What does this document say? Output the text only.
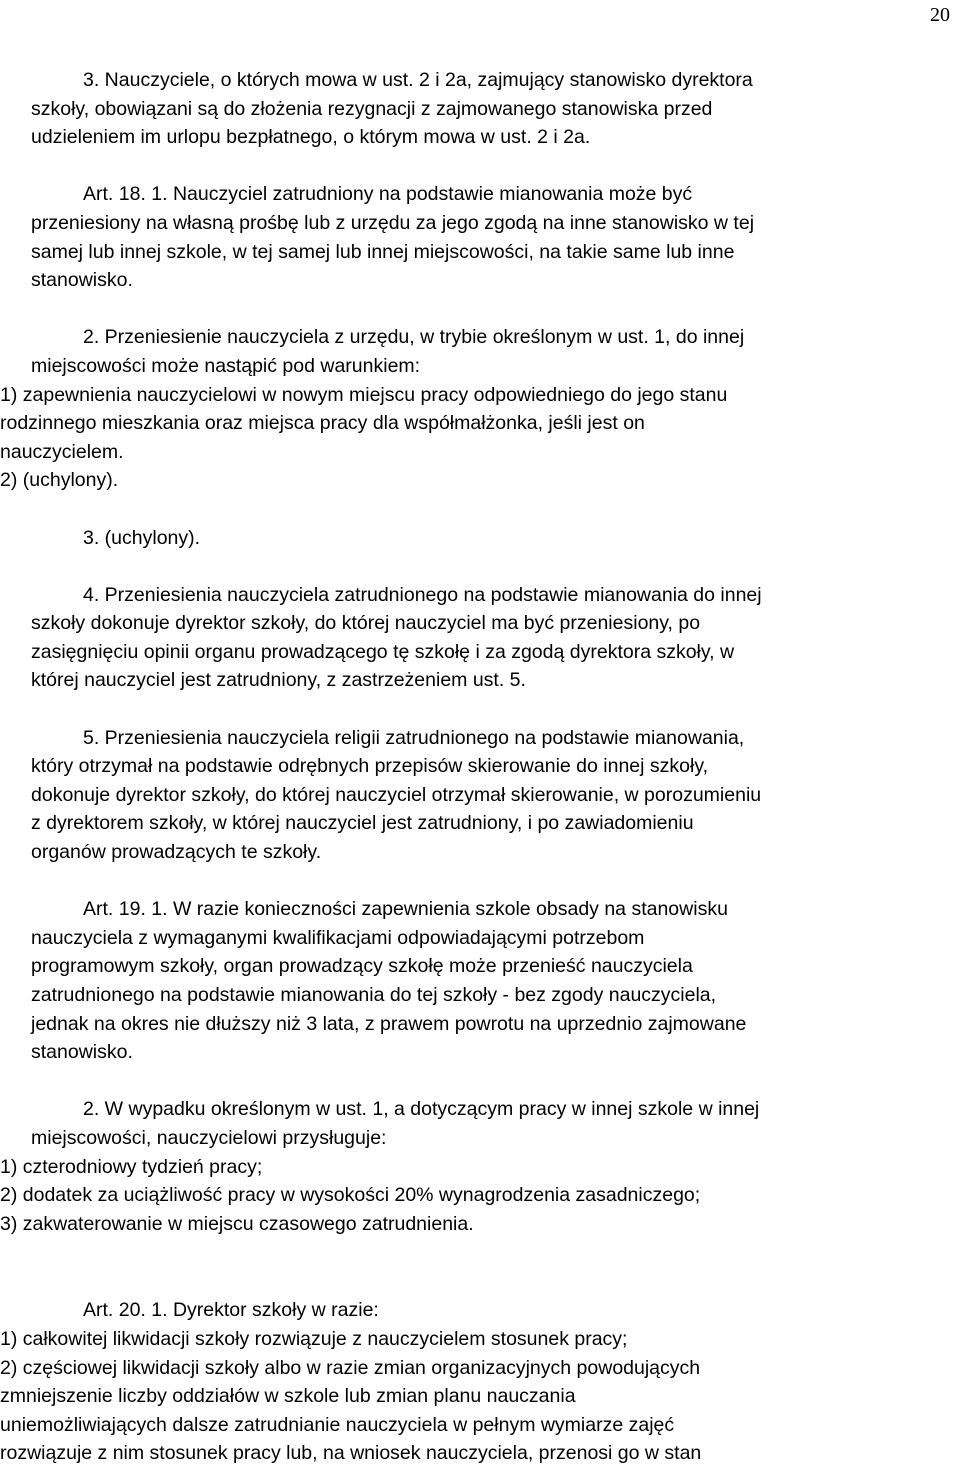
20

3. Nauczyciele, o których mowa w ust. 2 i 2a, zajmujący stanowisko dyrektora
szkoły, obowiązani są do złożenia rezygnacji z zajmowanego stanowiska przed
udzieleniem im urlopu bezpłatnego, o którym mowa w ust. 2 i 2a.

Art. 18. 1. Nauczyciel zatrudniony na podstawie mianowania może być
przeniesiony na własną prośbę lub z urzędu za jego zgodą na inne stanowisko w tej
samej lub innej szkole, w tej samej lub innej miejscowości, na takie same lub inne
stanowisko.

2. Przeniesienie nauczyciela z urzędu, w trybie określonym w ust. 1, do innej
miejscowości może nastąpić pod warunkiem:

1) zapewnienia nauczycielowi w nowym miejscu pracy odpowiedniego do jego stanu
rodzinnego mieszkania oraz miejsca pracy dla współmałżonka, jeśli jest on
nauczycielem.

2) (uchylony).

3. (uchylony).

4. Przeniesienia nauczyciela zatrudnionego na podstawie mianowania do innej
szkoły dokonuje dyrektor szkoły, do której nauczyciel ma być przeniesiony, po
zasięgnięciu opinii organu prowadzącego tę szkołę i za zgodą dyrektora szkoły, w
której nauczyciel jest zatrudniony, z zastrzeżeniem ust. 5.

5. Przeniesienia nauczyciela religii zatrudnionego na podstawie mianowania,
który otrzymał na podstawie odrębnych przepisów skierowanie do innej szkoły,
dokonuje dyrektor szkoły, do której nauczyciel otrzymał skierowanie, w porozumieniu
z dyrektorem szkoły, w której nauczyciel jest zatrudniony, i po zawiadomieniu
organów prowadzących te szkoły.

Art. 19. 1. W razie konieczności zapewnienia szkole obsady na stanowisku
nauczyciela z wymaganymi kwalifikacjami odpowiadającymi potrzebom
programowym szkoły, organ prowadzący szkołę może przenieść nauczyciela
zatrudnionego na podstawie mianowania do tej szkoły - bez zgody nauczyciela,
jednak na okres nie dłuższy niż 3 lata, z prawem powrotu na uprzednio zajmowane
stanowisko.

2. W wypadku określonym w ust. 1, a dotyczącym pracy w innej szkole w innej
miejscowości, nauczycielowi przysługuje:

1) czterodniowy tydzień pracy;

2) dodatek za uciążliwość pracy w wysokości 20% wynagrodzenia zasadniczego;

3) zakwaterowanie w miejscu czasowego zatrudnienia.

Art. 20. 1. Dyrektor szkoły w razie:

1) całkowitej likwidacji szkoły rozwiązuje z nauczycielem stosunek pracy;

2) częściowej likwidacji szkoły albo w razie zmian organizacyjnych powodujących
zmniejszenie liczby oddziałów w szkole lub zmian planu nauczania
uniemożliwiających dalsze zatrudnianie nauczyciela w pełnym wymiarze zajęć
rozwiązuje z nim stosunek pracy lub, na wniosek nauczyciela, przenosi go w stan
